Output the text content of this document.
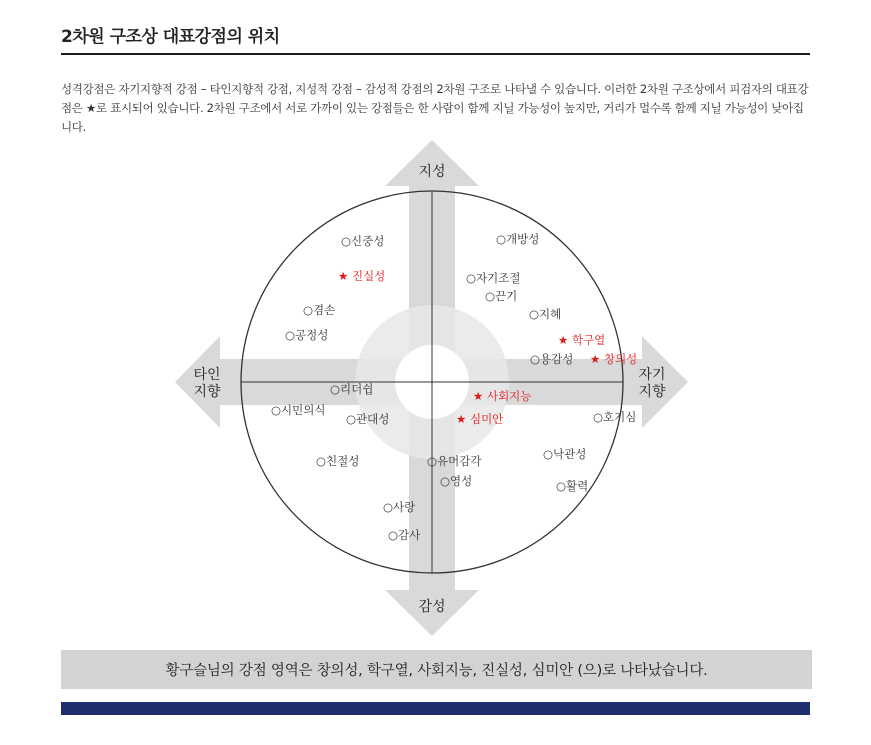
2차원 구조상 대표강점의 위치
성격강점은 자기지향적 강점 – 타인지향적 강점, 지성적 강점 – 감성적 강점의 2차원 구조로 나타낼 수 있습니다. 이러한 2차원 구조상에서 피검자의 대표강점은 ★로 표시되어 있습니다. 2차원 구조에서 서로 가까이 있는 강점들은 한 사람이 함께 지닐 가능성이 높지만, 거리가 멀수록 함께 지닐 가능성이 낮아집니다.
지성
감성
타인
지향
자기
지향
○신중성	○개방성
★ 진실성	○자기조절
○끈기
○겸손	○지혜
○공정성	★ 학구열
○용감성 ★ 창의성
○리더쉽	★ 사회지능
○시민의식
○관대성	★ 심미안	○호기심
○낙관성
○친절성	○유머감각
○영성	○활력
○사랑
○감사
황구슬님의 강점 영역은 창의성, 학구열, 사회지능, 진실성, 심미안 (으)로 나타났습니다.
